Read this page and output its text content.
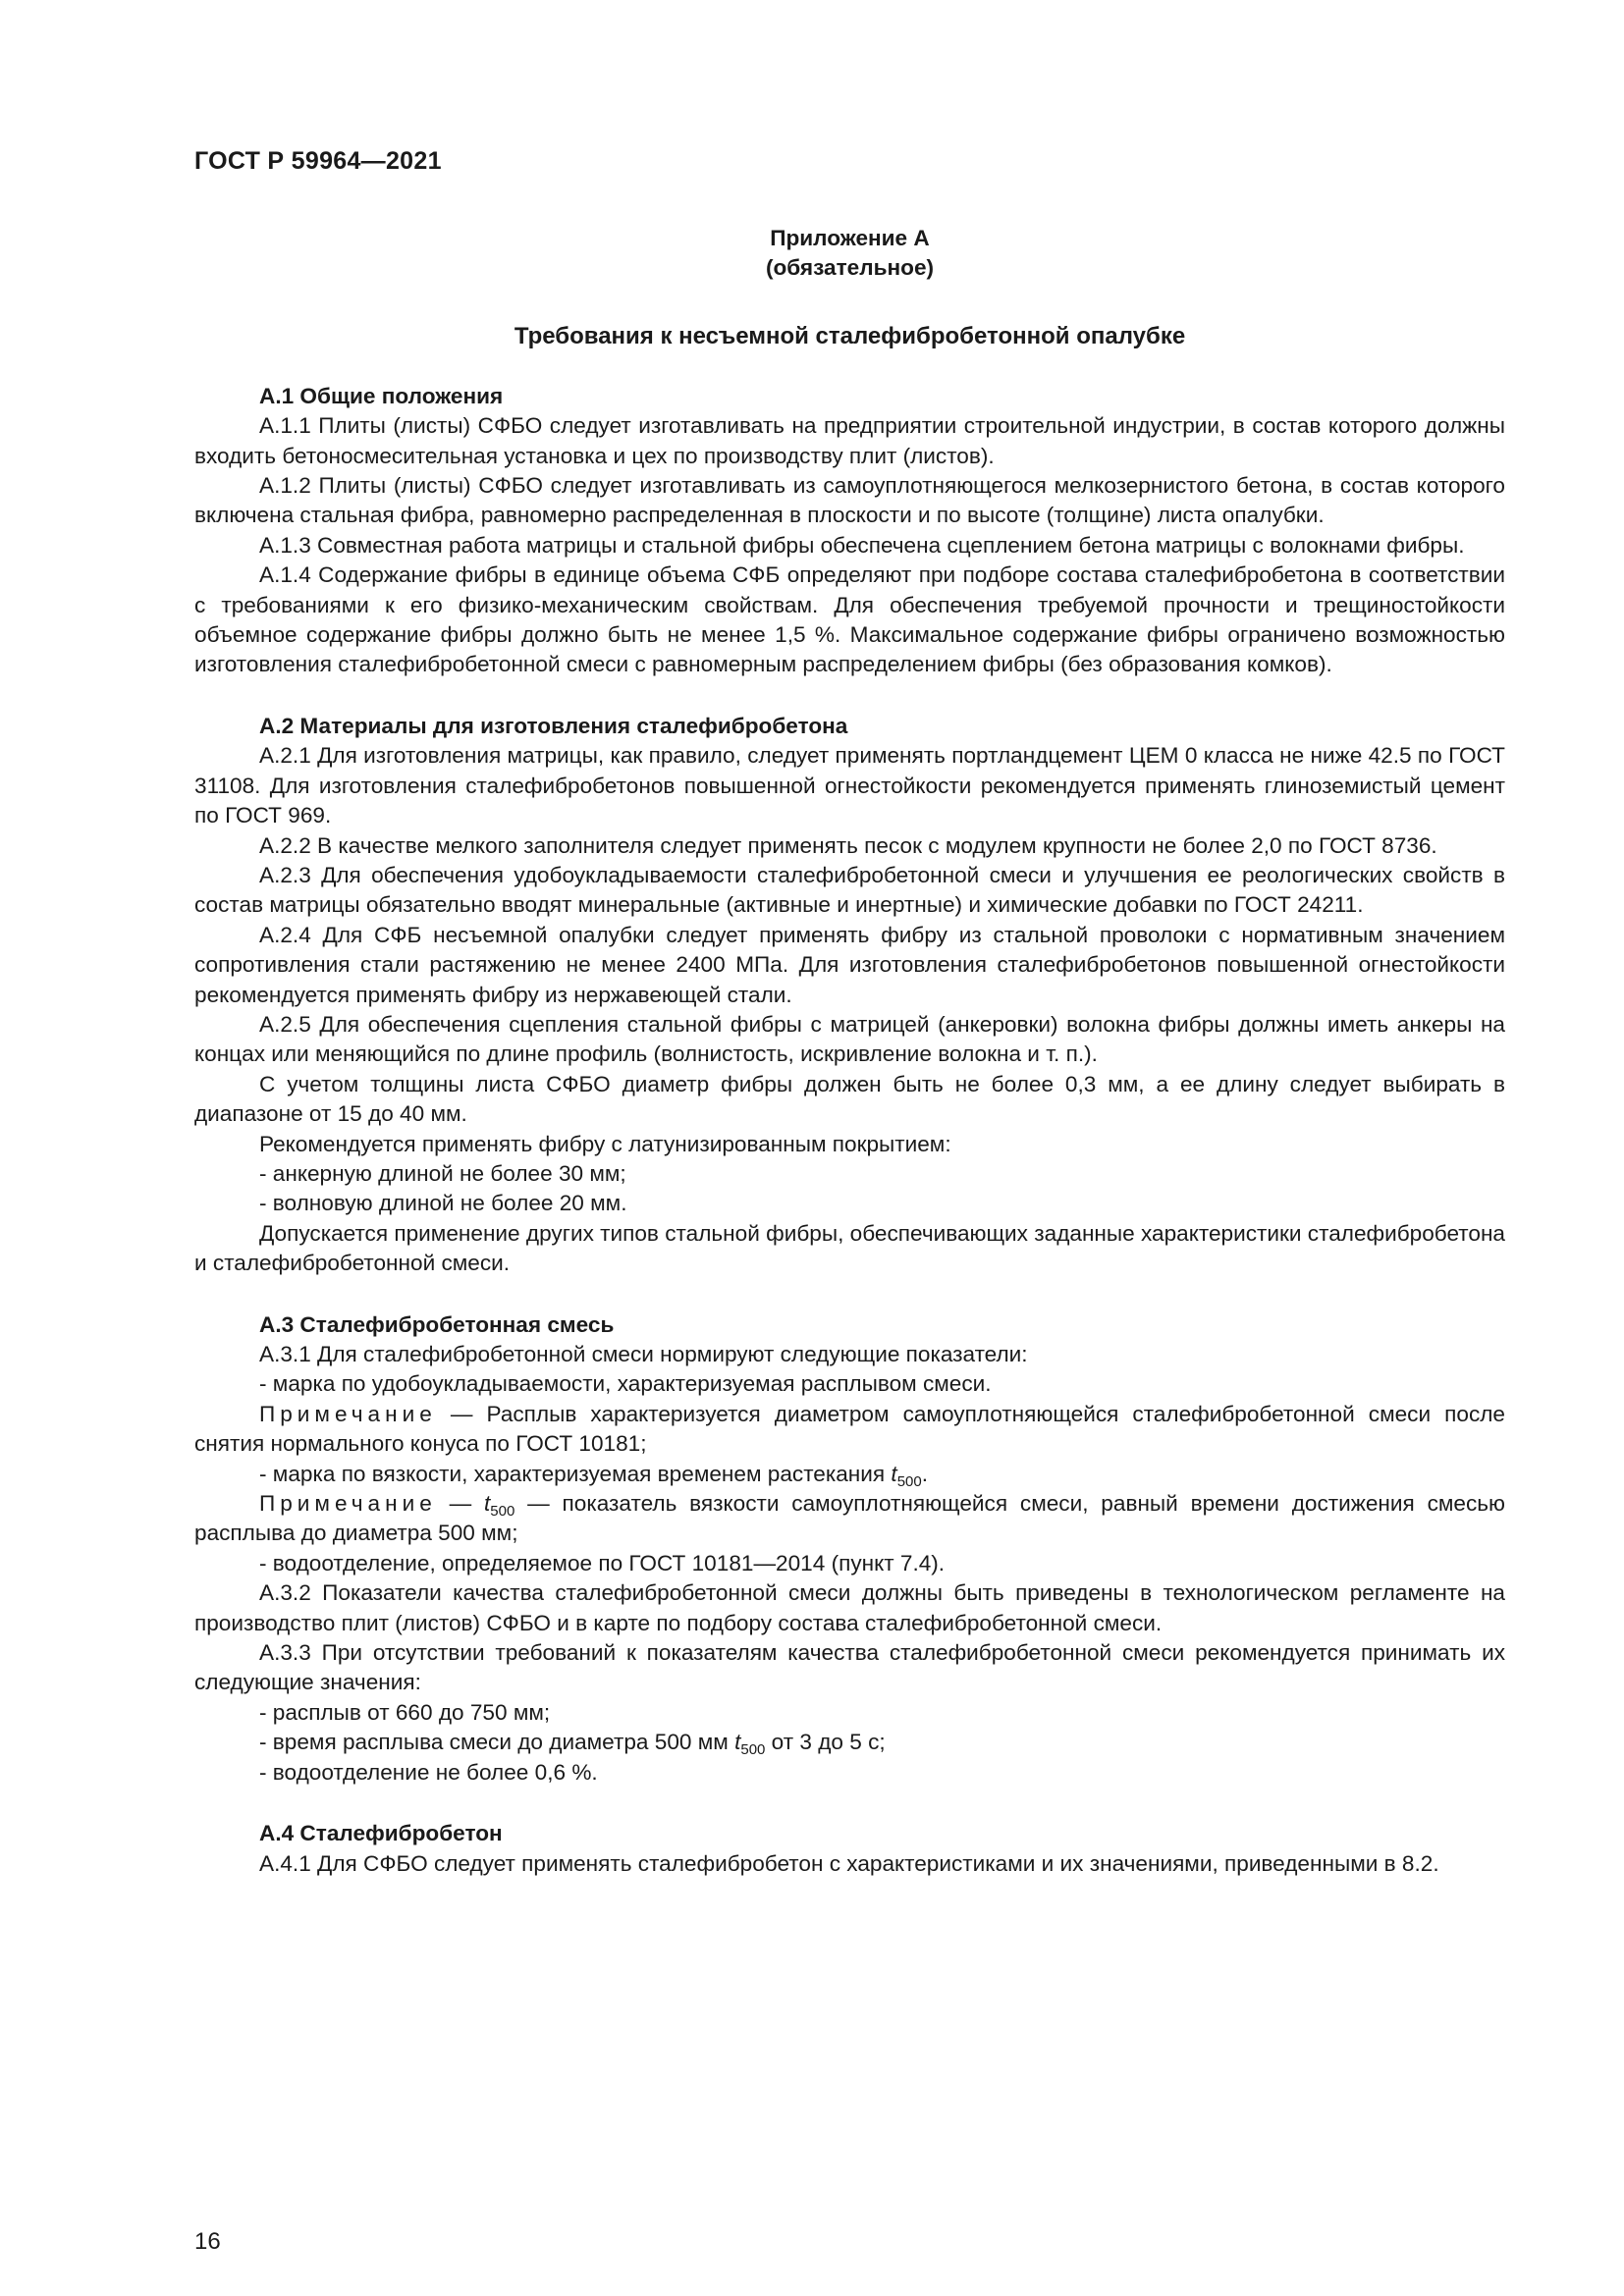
ГОСТ Р 59964—2021
Приложение А
(обязательное)
Требования к несъемной сталефибробетонной опалубке
А.1 Общие положения

А.1.1 Плиты (листы) СФБО следует изготавливать на предприятии строительной индустрии, в состав которого должны входить бетоносмесительная установка и цех по производству плит (листов).

А.1.2 Плиты (листы) СФБО следует изготавливать из самоуплотняющегося мелкозернистого бетона, в состав которого включена стальная фибра, равномерно распределенная в плоскости и по высоте (толщине) листа опалубки.

А.1.3 Совместная работа матрицы и стальной фибры обеспечена сцеплением бетона матрицы с волокнами фибры.

А.1.4 Содержание фибры в единице объема СФБ определяют при подборе состава сталефибробетона в соответствии с требованиями к его физико-механическим свойствам. Для обеспечения требуемой прочности и трещиностойкости объемное содержание фибры должно быть не менее 1,5 %. Максимальное содержание фибры ограничено возможностью изготовления сталефибробетонной смеси с равномерным распределением фибры (без образования комков).

А.2 Материалы для изготовления сталефибробетона

А.2.1 Для изготовления матрицы, как правило, следует применять портландцемент ЦЕМ 0 класса не ниже 42.5 по ГОСТ 31108. Для изготовления сталефибробетонов повышенной огнестойкости рекомендуется применять глиноземистый цемент по ГОСТ 969.

А.2.2 В качестве мелкого заполнителя следует применять песок с модулем крупности не более 2,0 по ГОСТ 8736.

А.2.3 Для обеспечения удобоукладываемости сталефибробетонной смеси и улучшения ее реологических свойств в состав матрицы обязательно вводят минеральные (активные и инертные) и химические добавки по ГОСТ 24211.

А.2.4 Для СФБ несъемной опалубки следует применять фибру из стальной проволоки с нормативным значением сопротивления стали растяжению не менее 2400 МПа. Для изготовления сталефибробетонов повышенной огнестойкости рекомендуется применять фибру из нержавеющей стали.

А.2.5 Для обеспечения сцепления стальной фибры с матрицей (анкеровки) волокна фибры должны иметь анкеры на концах или меняющийся по длине профиль (волнистость, искривление волокна и т. п.).

С учетом толщины листа СФБО диаметр фибры должен быть не более 0,3 мм, а ее длину следует выбирать в диапазоне от 15 до 40 мм.

Рекомендуется применять фибру с латунизированным покрытием:

- анкерную длиной не более 30 мм;
- волновую длиной не более 20 мм.

Допускается применение других типов стальной фибры, обеспечивающих заданные характеристики сталефибробетона и сталефибробетонной смеси.

А.3 Сталефибробетонная смесь

А.3.1 Для сталефибробетонной смеси нормируют следующие показатели:

- марка по удобоукладываемости, характеризуемая расплывом смеси.

Примечание — Расплыв характеризуется диаметром самоуплотняющейся сталефибробетонной смеси после снятия нормального конуса по ГОСТ 10181;

- марка по вязкости, характеризуемая временем растекания $t_{500}$.

Примечание — $t_{500}$ — показатель вязкости самоуплотняющейся смеси, равный времени достижения смесью расплыва до диаметра 500 мм;

- водоотделение, определяемое по ГОСТ 10181—2014 (пункт 7.4).

А.3.2 Показатели качества сталефибробетонной смеси должны быть приведены в технологическом регламенте на производство плит (листов) СФБО и в карте по подбору состава сталефибробетонной смеси.

А.3.3 При отсутствии требований к показателям качества сталефибробетонной смеси рекомендуется принимать их следующие значения:

- расплыв от 660 до 750 мм;
- время расплыва смеси до диаметра 500 мм $t_{500}$ от 3 до 5 с;
- водоотделение не более 0,6 %.
А.4 Сталефибробетон

А.4.1 Для СФБО следует применять сталефибробетон с характеристиками и их значениями, приведенными в 8.2.

16
